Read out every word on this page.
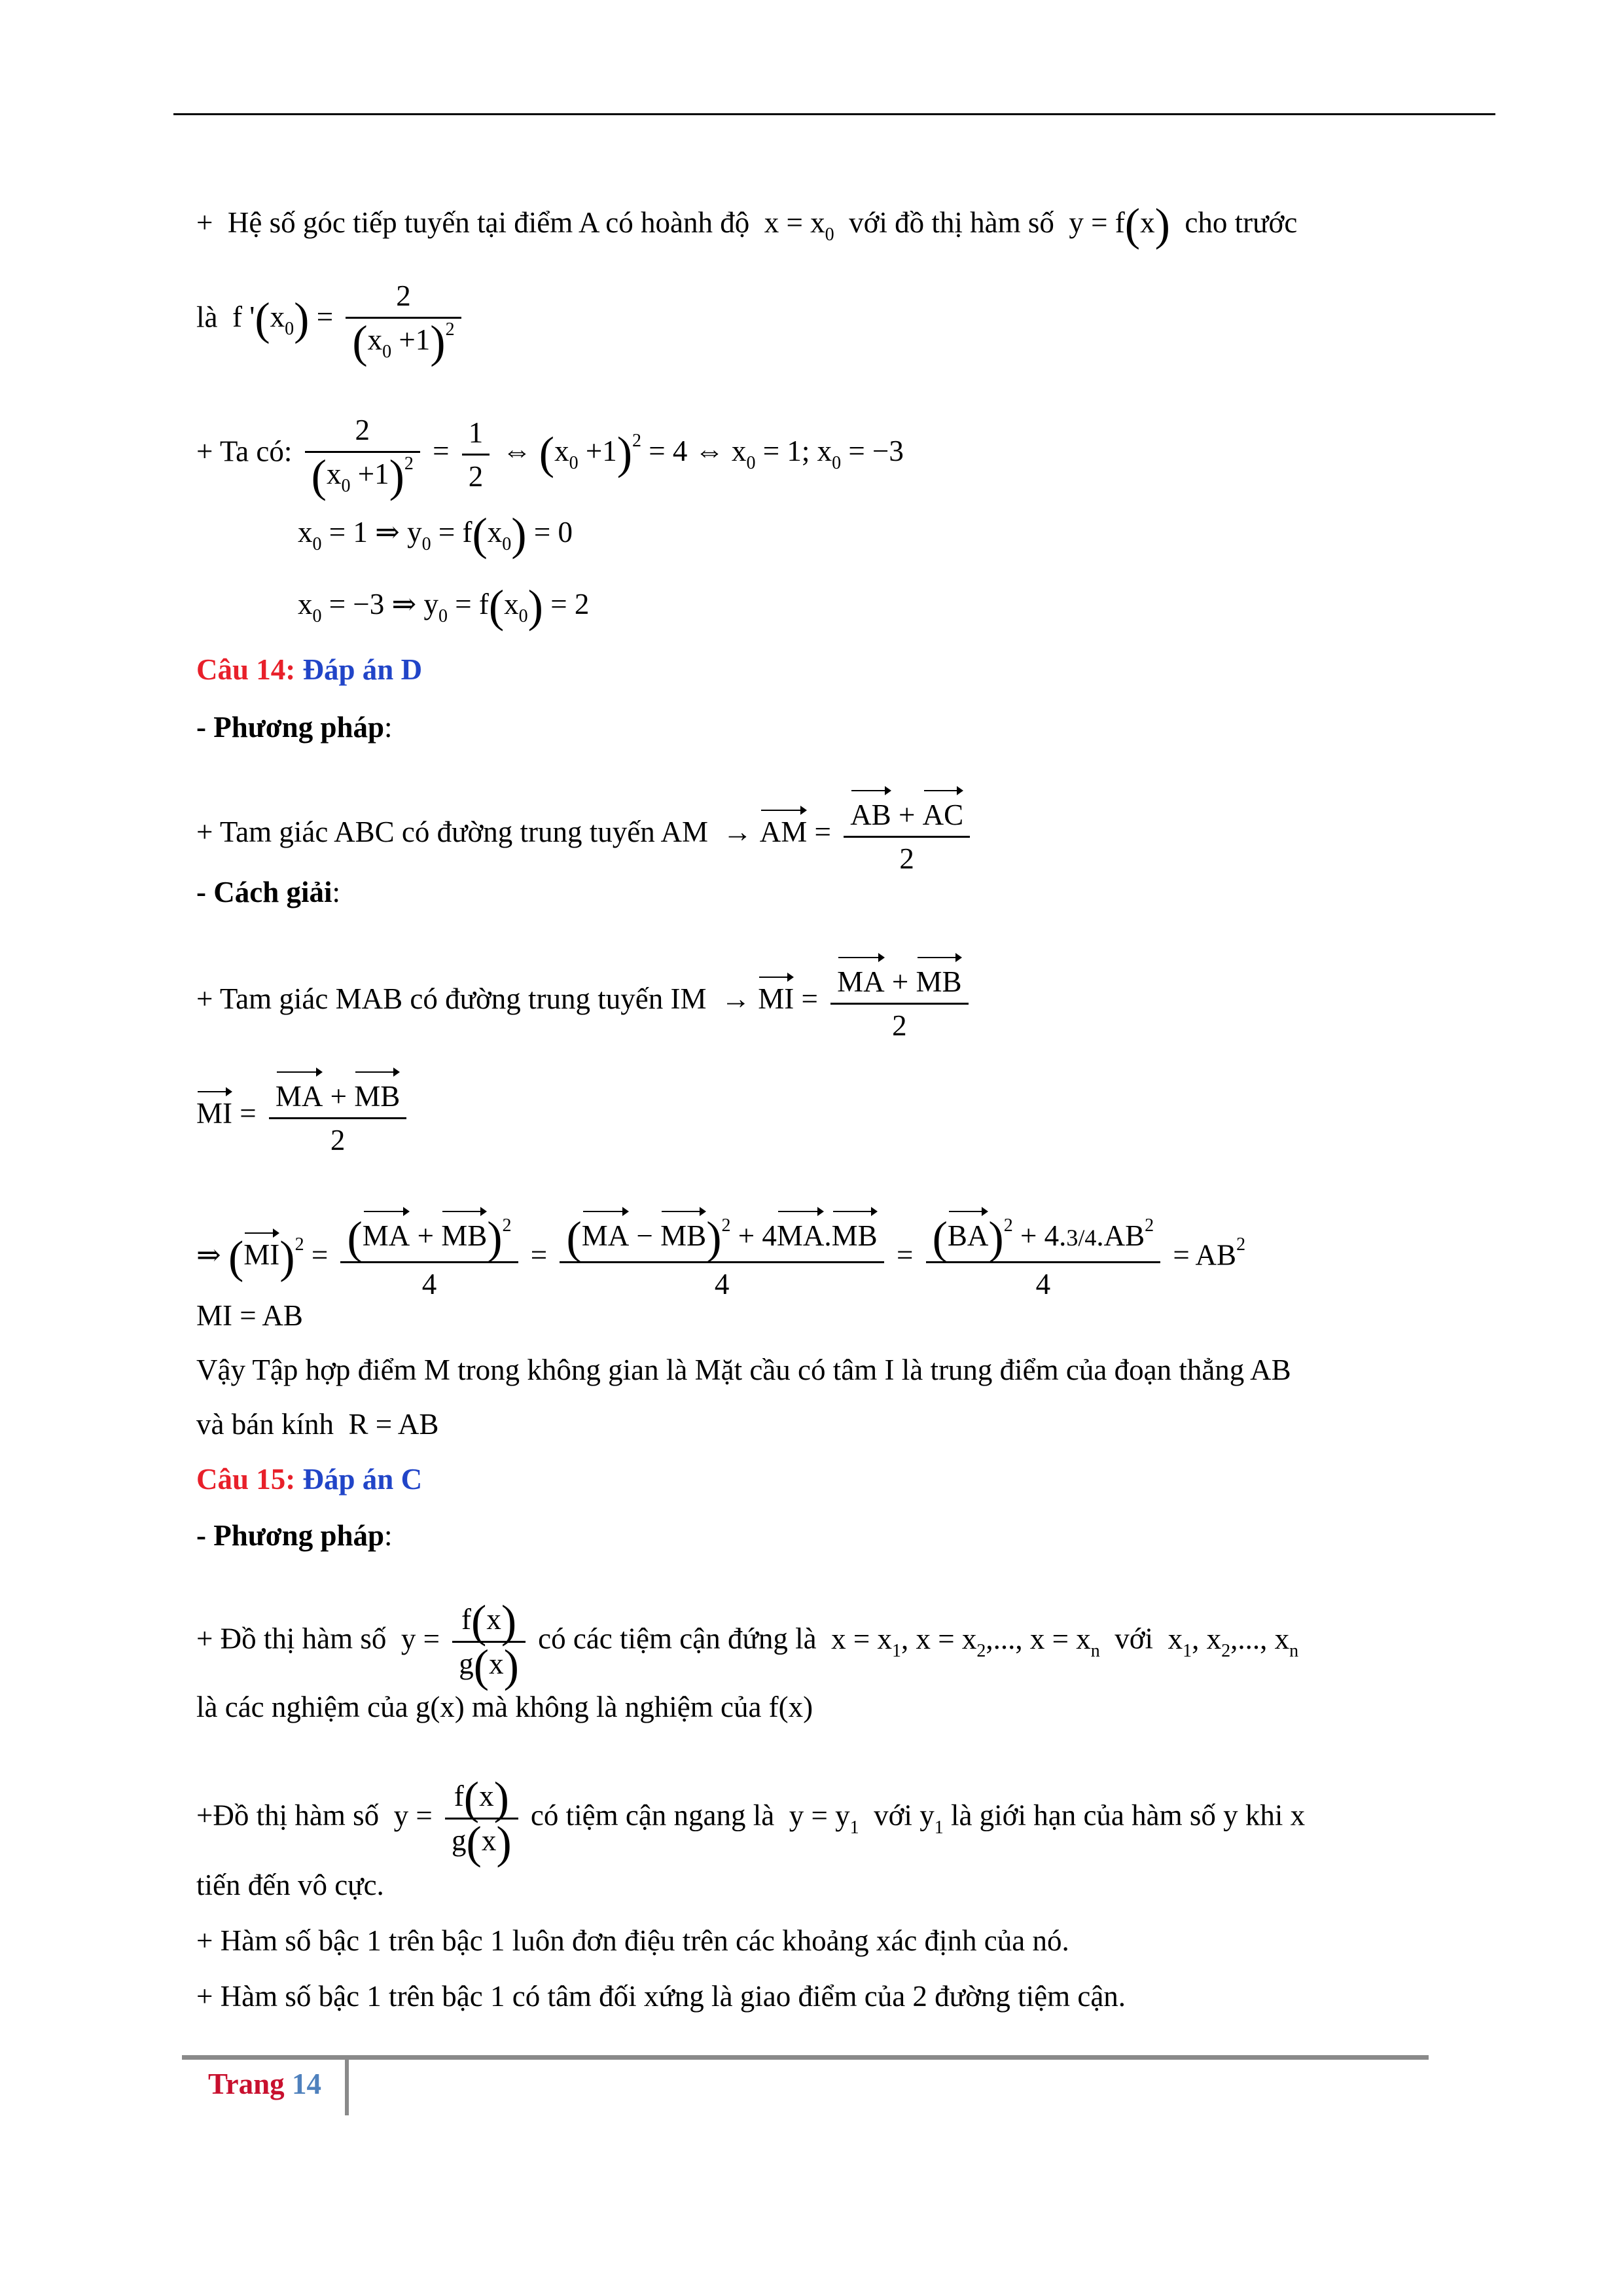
+ Hệ số góc tiếp tuyến tại điểm A có hoành độ  $x = x_0$ với đồ thị hàm số  y = f(x) cho trước
là  f '$(x_0) = \frac{2}{(x_0 +1)^2}$
+ Ta có: $\frac{2}{(x_0 +1)^2} = \frac{1}{2}$ ⇔ $(x_0 +1)^2 = 4$ ⇔ $x_0 = 1$; $x_0 = -3$
$x_0 = 1$ ⇒ $y_0 = f(x_0) = 0$
$x_0 = -3$ ⇒ $y_0 = f(x_0) = 2$
Câu 14: Đáp án D
- Phương pháp:
+ Tam giác ABC có đường trung tuyến AM  → AM = $\frac{AB + AC}{2}$
- Cách giải:
+ Tam giác MAB có đường trung tuyến IM  → MI = $\frac{MA + MB}{2}$
MI = $\frac{MA + MB}{2}$
⇒ $(MI)^2 = \frac{(MA + MB)^2}{4} = \frac{(MA - MB)^2 + 4MA.MB}{4} = \frac{(BA)^2 + 4.3/4.AB^2}{4} = AB^2$
MI = AB
Vậy Tập hợp điểm M trong không gian là Mặt cầu có tâm I là trung điểm của đoạn thẳng AB
và bán kính  R = AB
Câu 15: Đáp án C
- Phương pháp:
+ Đồ thị hàm số  $y = \frac{f(x)}{g(x)}$ có các tiệm cận đứng là  $x = x_1$, $x = x_2$,..., $x = x_n$ với  $x_1$, $x_2$,..., $x_n$
là các nghiệm của g(x) mà không là nghiệm của f(x)
+Đồ thị hàm số  $y = \frac{f(x)}{g(x)}$ có tiệm cận ngang là  $y = y_1$ với $y_1$ là giới hạn của hàm số y khi x
tiến đến vô cực.
+ Hàm số bậc 1 trên bậc 1 luôn đơn điệu trên các khoảng xác định của nó.
+ Hàm số bậc 1 trên bậc 1 có tâm đối xứng là giao điểm của 2 đường tiệm cận.
Trang 14
